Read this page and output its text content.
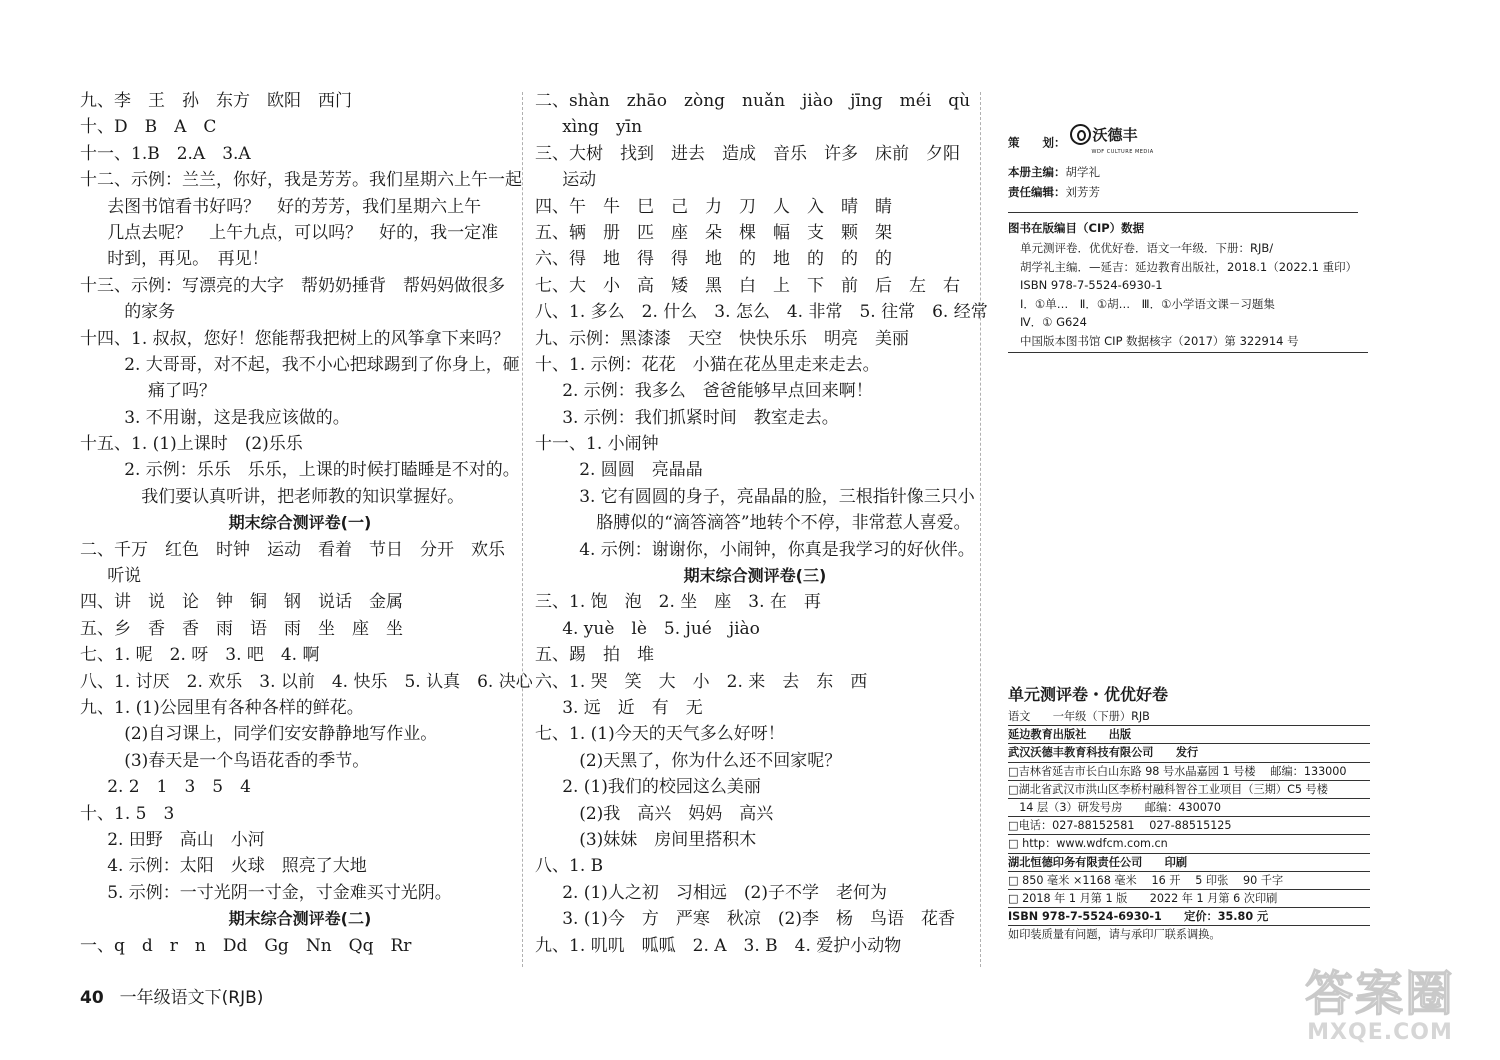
九、李　王　孙　东方　欧阳　西门
十、D　B　A　C
十一、1.B　2.A　3.A
十二、示例：兰兰，你好，我是芳芳。我们星期六上午一起
去图书馆看书好吗？　好的芳芳，我们星期六上午
几点去呢？　上午九点，可以吗？　好的，我一定准
时到，再见。　再见！
十三、示例：写漂亮的大字　帮奶奶捶背　帮妈妈做很多
的家务
十四、1. 叔叔，您好！您能帮我把树上的风筝拿下来吗？
2. 大哥哥，对不起，我不小心把球踢到了你身上，砸
痛了吗？
3. 不用谢，这是我应该做的。
十五、1. (1)上课时　(2)乐乐
2. 示例：乐乐　乐乐，上课的时候打瞌睡是不对的。
我们要认真听讲，把老师教的知识掌握好。
期末综合测评卷(一)
二、千万　红色　时钟　运动　看着　节日　分开　欢乐
听说
四、讲　说　论　钟　铜　钢　说话　金属
五、乡　香　香　雨　语　雨　坐　座　坐
七、1. 呢　2. 呀　3. 吧　4. 啊
八、1. 讨厌　2. 欢乐　3. 以前　4. 快乐　5. 认真　6. 决心
九、1. (1)公园里有各种各样的鲜花。
(2)自习课上，同学们安安静静地写作业。
(3)春天是一个鸟语花香的季节。
2. 2　1　3　5　4
十、1. 5　3
2. 田野　高山　小河
4. 示例：太阳　火球　照亮了大地
5. 示例：一寸光阴一寸金，寸金难买寸光阴。
期末综合测评卷(二)
一、q　d　r　n　Dd　Gg　Nn　Qq　Rr
二、shàn　zhāo　zòng　nuǎn　jiào　jīng　méi　qù
xìng　yīn
三、大树　找到　进去　造成　音乐　许多　床前　夕阳
运动
四、午　牛　巳　己　力　刀　人　入　晴　睛
五、辆　册　匹　座　朵　棵　幅　支　颗　架
六、得　地　得　得　地　的　地　的　的　的
七、大　小　高　矮　黑　白　上　下　前　后　左　右
八、1. 多么　2. 什么　3. 怎么　4. 非常　5. 往常　6. 经常
九、示例：黑漆漆　天空　快快乐乐　明亮　美丽
十、1. 示例：花花　小猫在花丛里走来走去。
2. 示例：我多么　爸爸能够早点回来啊！
3. 示例：我们抓紧时间　教室走去。
十一、1. 小闹钟
2. 圆圆　亮晶晶
3. 它有圆圆的身子，亮晶晶的脸，三根指针像三只小
胳膊似的“滴答滴答”地转个不停，非常惹人喜爱。
4. 示例：谢谢你，小闹钟，你真是我学习的好伙伴。
期末综合测评卷(三)
三、1. 饱　泡　2. 坐　座　3. 在　再
4. yuè　lè　5. jué　jiào
五、踢　拍　堆
六、1. 哭　笑　大　小　2. 来　去　东　西
3. 远　近　有　无
七、1. (1)今天的天气多么好呀！
(2)天黑了，你为什么还不回家呢？
2. (1)我们的校园这么美丽
(2)我　高兴　妈妈　高兴
(3)妹妹　房间里搭积木
八、1. B
2. (1)人之初　习相远　(2)子不学　老何为
3. (1)今　方　严寒　秋凉　(2)李　杨　鸟语　花香
九、1. 叽叽　呱呱　2. A　3. B　4. 爱护小动物
40 一年级语文下(RJB)
策　　划： 沃德丰
WDF CULTURE MEDIA
本册主编：胡学礼
责任编辑：刘芳芳
图书在版编目（CIP）数据
单元测评卷．优优好卷．语文一年级．下册：RJB/
胡学礼主编．—延吉：延边教育出版社，2018.1（2022.1 重印）
ISBN 978-7-5524-6930-1
Ⅰ．①单…　Ⅱ．①胡…　Ⅲ．①小学语文课－习题集
Ⅳ．① G624
中国版本图书馆 CIP 数据核字（2017）第 322914 号
单元测评卷・优优好卷
语文　　一年级（下册）RJB
延边教育出版社　　出版
武汉沃德丰教育科技有限公司　　发行
□吉林省延吉市长白山东路 98 号水晶嘉园 1 号楼　 邮编：133000
□湖北省武汉市洪山区李桥村融科智谷工业项目（三期）C5 号楼
　14 层（3）研发号房　　邮编：430070
□电话：027-88152581　 027-88515125
□ http：www.wdfcm.com.cn
湖北恒德印务有限责任公司　　印刷
□ 850 毫米 ×1168 毫米　 16 开　 5 印张　 90 千字
□ 2018 年 1 月第 1 版　　2022 年 1 月第 6 次印刷
ISBN 978-7-5524-6930-1　　定价：35.80 元
如印装质量有问题，请与承印厂联系调换。
答案圈
MXQE.COM
